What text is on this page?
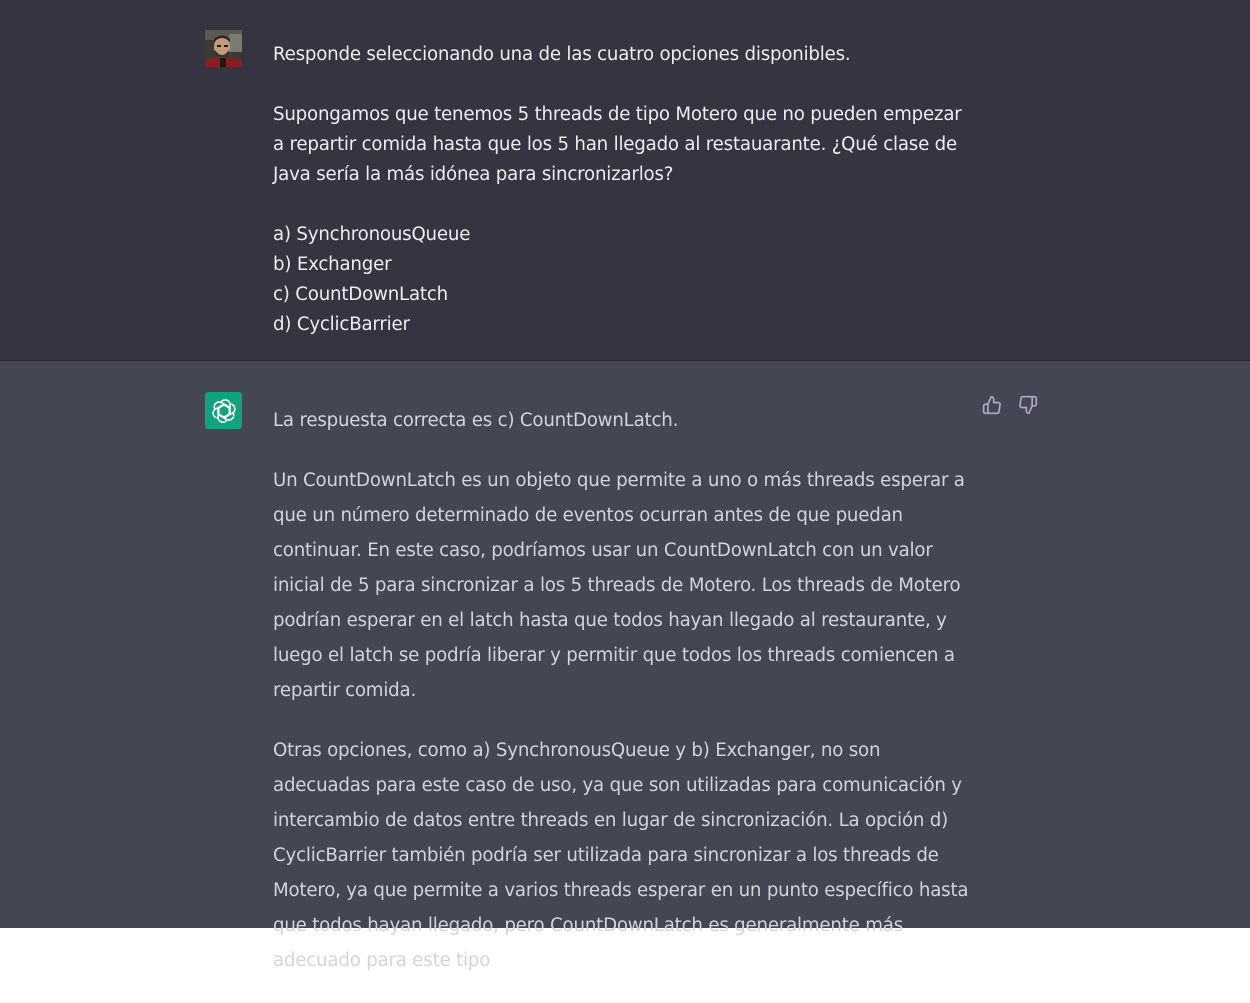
Responde seleccionando una de las cuatro opciones disponibles.

Supongamos que tenemos 5 threads de tipo Motero que no pueden empezar a repartir comida hasta que los 5 han llegado al restauarante. ¿Qué clase de Java sería la más idónea para sincronizarlos?

a) SynchronousQueue
b) Exchanger
c) CountDownLatch
d) CyclicBarrier

La respuesta correcta es c) CountDownLatch.

Un CountDownLatch es un objeto que permite a uno o más threads esperar a que un número determinado de eventos ocurran antes de que puedan continuar. En este caso, podríamos usar un CountDownLatch con un valor inicial de 5 para sincronizar a los 5 threads de Motero. Los threads de Motero podrían esperar en el latch hasta que todos hayan llegado al restaurante, y luego el latch se podría liberar y permitir que todos los threads comiencen a repartir comida.

Otras opciones, como a) SynchronousQueue y b) Exchanger, no son adecuadas para este caso de uso, ya que son utilizadas para comunicación y intercambio de datos entre threads en lugar de sincronización. La opción d) CyclicBarrier también podría ser utilizada para sincronizar a los threads de Motero, ya que permite a varios threads esperar en un punto específico hasta que todos hayan llegado, pero CountDownLatch es generalmente más adecuado para este tipo
